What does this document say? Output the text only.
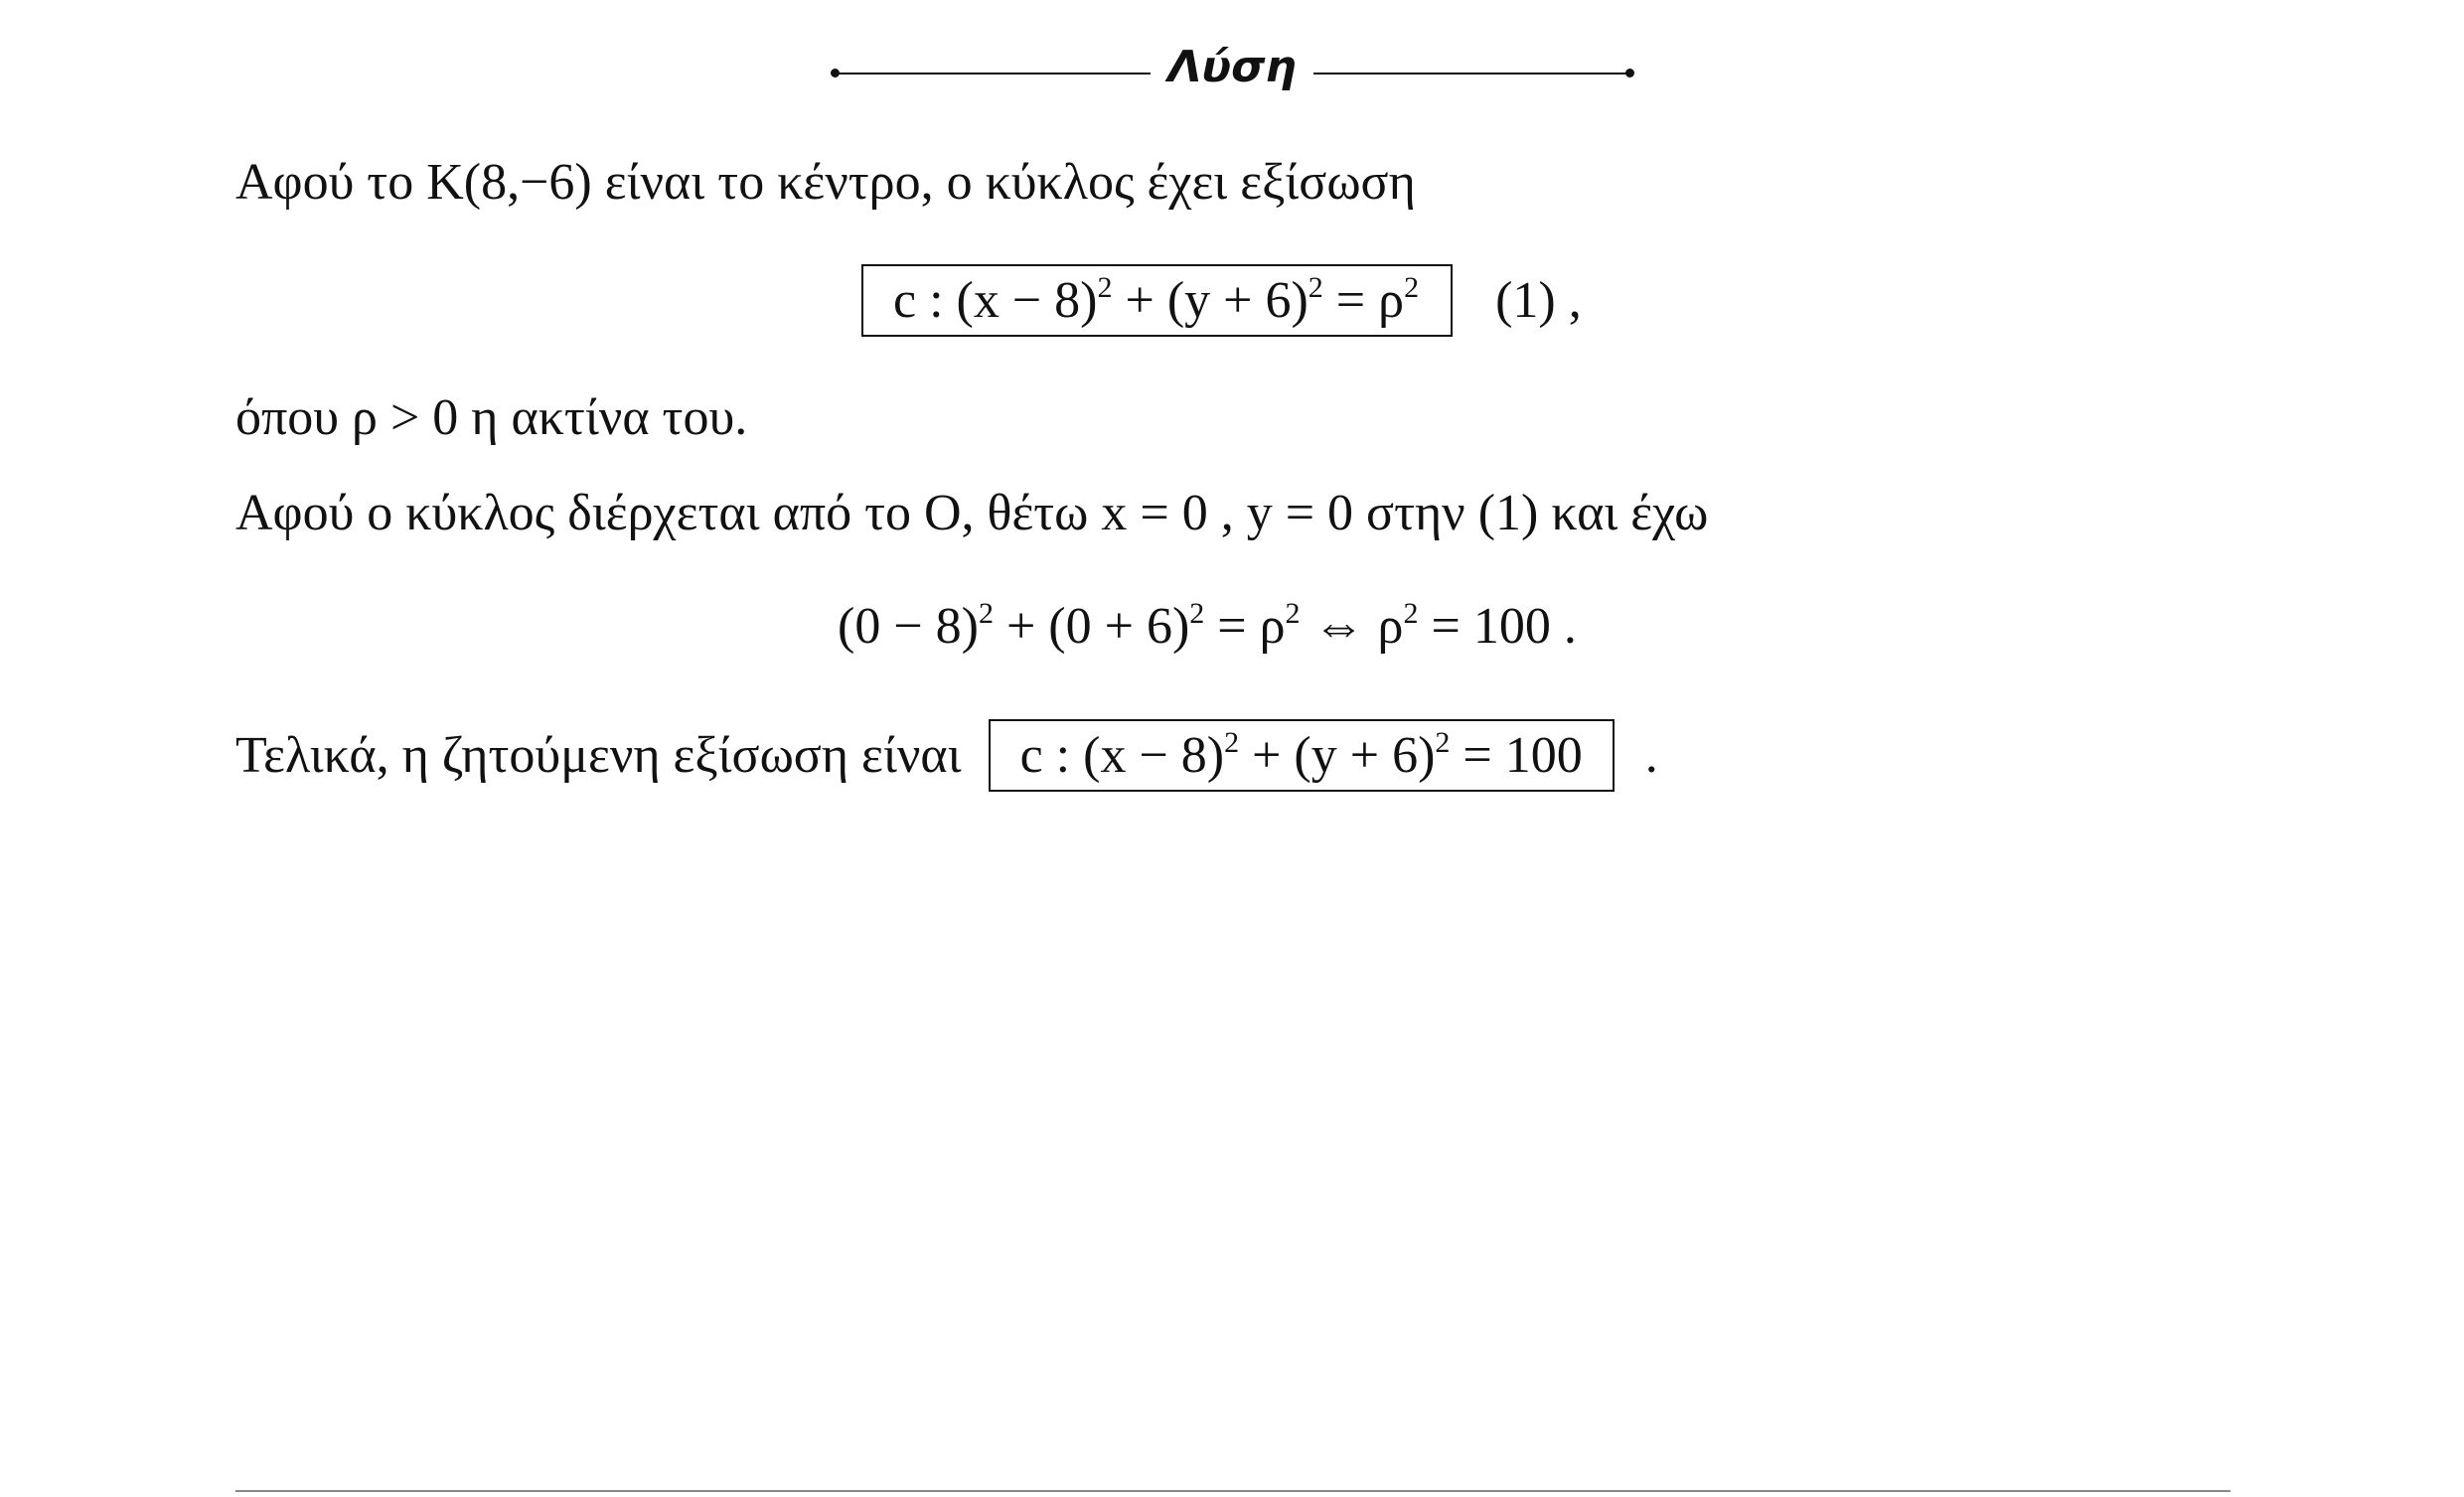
Λύση
Αφού το Κ(8,−6) είναι το κέντρο, ο κύκλος έχει εξίσωση
c : $(x - 8)^2 + (y + 6)^2 = \rho^2$ (1) ,
όπου ρ > 0 η ακτίνα του.
Αφού ο κύκλος διέρχεται από το O, θέτω x = 0 , y = 0 στην (1) και έχω
$(0 - 8)^2 + (0 + 6)^2 = \rho^2$ ⇔ $\rho^2 = 100$ .
Τελικά, η ζητούμενη εξίσωση είναι c : $(x - 8)^2 + (y + 6)^2 = 100$ .
